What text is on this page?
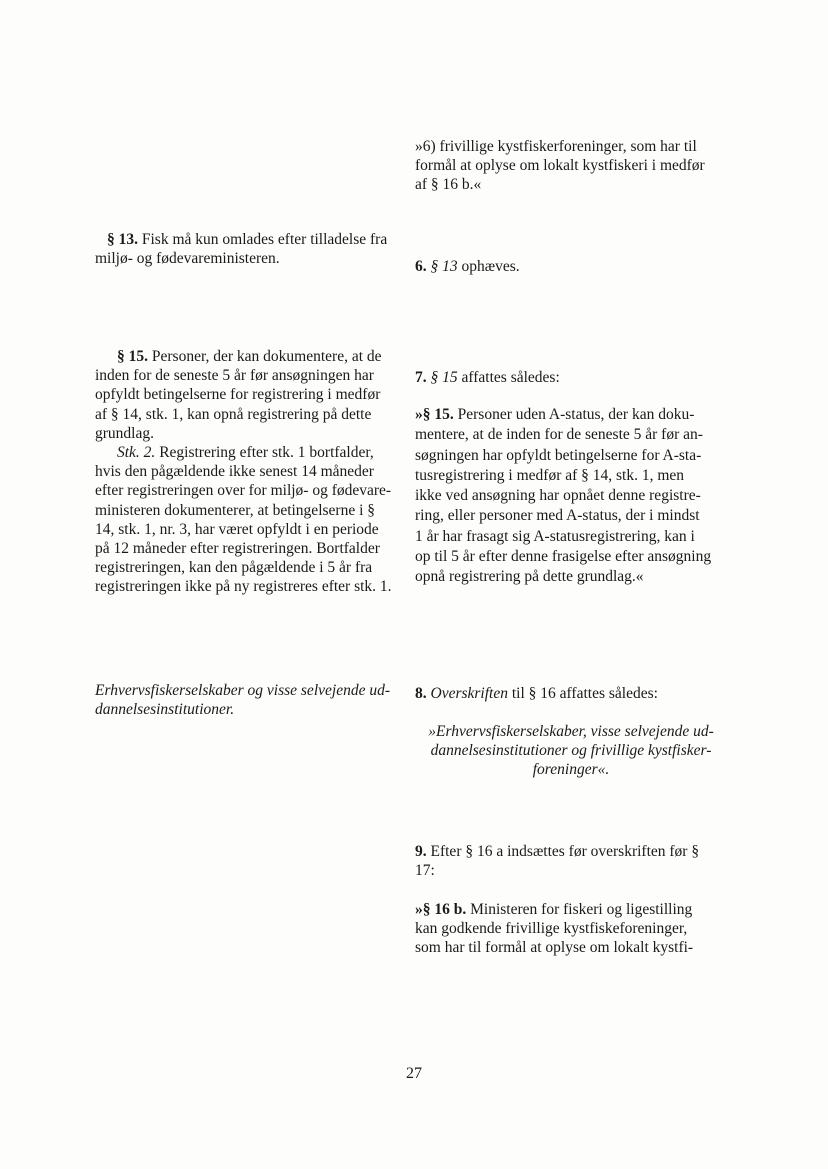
»6) frivillige kystfiskerforeninger, som har til
formål at oplyse om lokalt kystfiskeri i medfør
af § 16 b.«
§ 13. Fisk må kun omlades efter tilladelse fra
miljø- og fødevareministeren.	6. § 13 ophæves.
§ 15. Personer, der kan dokumentere, at de
inden for de seneste 5 år før ansøgningen har
opfyldt betingelserne for registrering i medfør
af § 14, stk. 1, kan opnå registrering på dette
grundlag.
Stk. 2. Registrering efter stk. 1 bortfalder,
hvis den pågældende ikke senest 14 måneder
efter registreringen over for miljø- og fødevare-
ministeren dokumenterer, at betingelserne i §
14, stk. 1, nr. 3, har været opfyldt i en periode
på 12 måneder efter registreringen. Bortfalder
registreringen, kan den pågældende i 5 år fra
registreringen ikke på ny registreres efter stk. 1.
7. § 15 affattes således:
»§ 15. Personer uden A-status, der kan doku-
mentere, at de inden for de seneste 5 år før an-
søgningen har opfyldt betingelserne for A-sta-
tusregistrering i medfør af § 14, stk. 1, men
ikke ved ansøgning har opnået denne registre-
ring, eller personer med A-status, der i mindst
1 år har frasagt sig A-statusregistrering, kan i
op til 5 år efter denne frasigelse efter ansøgning
opnå registrering på dette grundlag.«
Erhvervsfiskerselskaber og visse selvejende ud-
dannelsesinstitutioner.
8. Overskriften til § 16 affattes således:
»Erhvervsfiskerselskaber, visse selvejende ud-
dannelsesinstitutioner og frivillige kystfisker-
foreninger«.
9. Efter § 16 a indsættes før overskriften før §
17:
»§ 16 b. Ministeren for fiskeri og ligestilling
kan godkende frivillige kystfiskeforeninger,
som har til formål at oplyse om lokalt kystfi-
27
